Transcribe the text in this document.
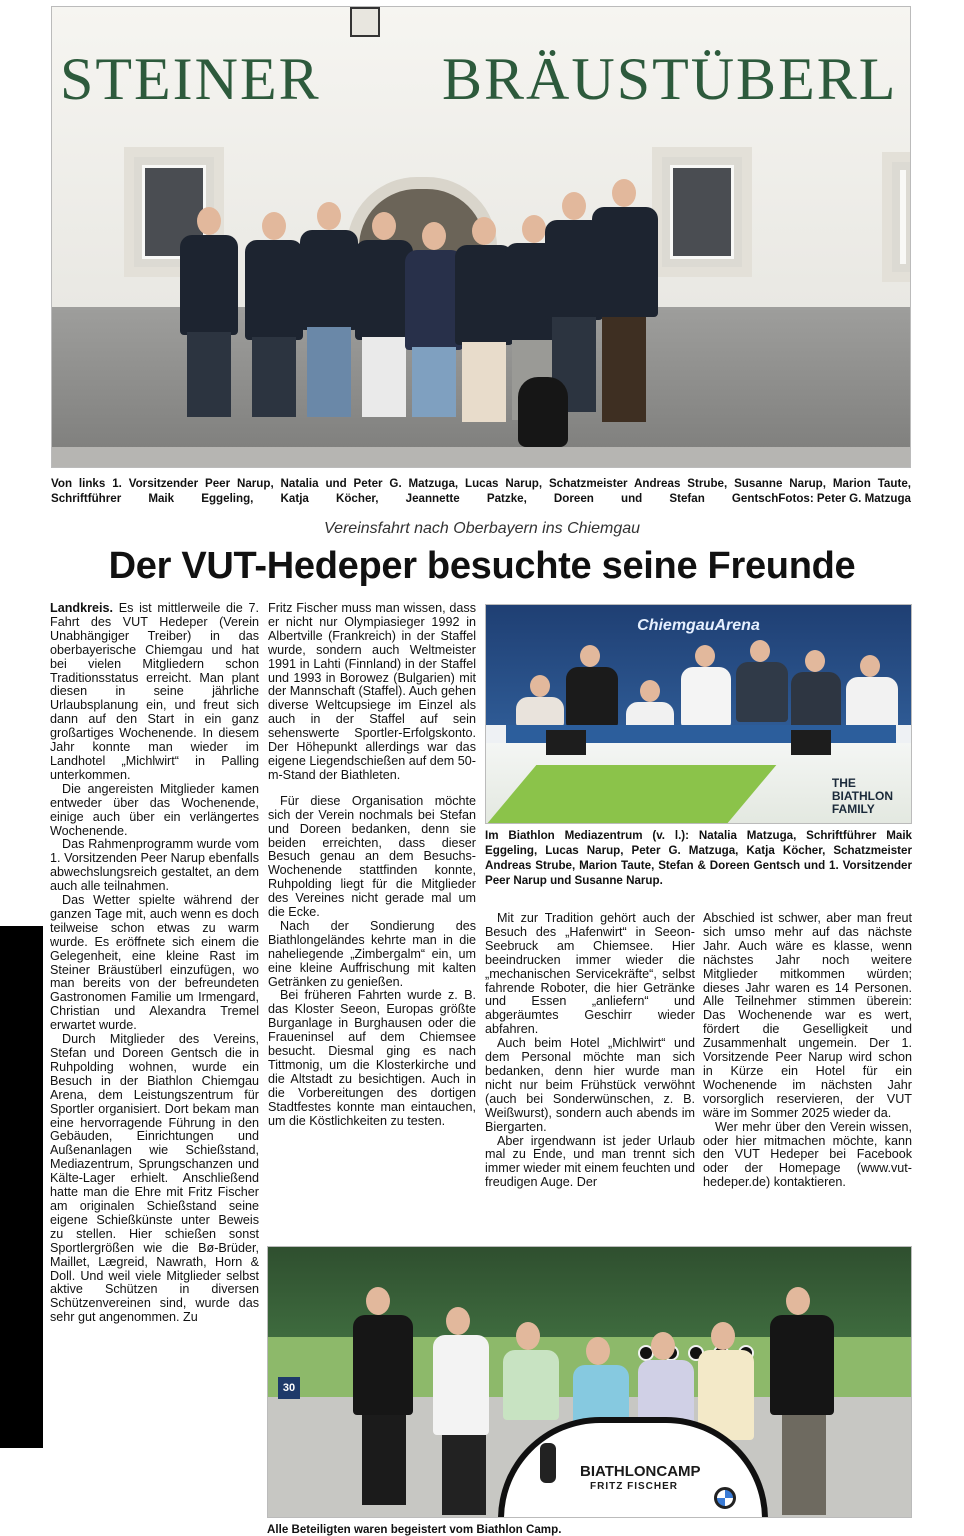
STEINER BRÄUSTÜBERL
Von links 1. Vorsitzender Peer Narup, Natalia und Peter G. Matzuga, Lucas Narup, Schatzmeister Andreas Strube, Susanne Narup, Marion Taute, Schriftführer Maik Eggeling, Katja Köcher, Jeannette Patzke, Doreen und Stefan Gentsch Fotos: Peter G. Matzuga
Vereinsfahrt nach Oberbayern ins Chiemgau
Der VUT-Hedeper besuchte seine Freunde

Landkreis. Es ist mittlerweile die 7. Fahrt des VUT Hedeper (Verein Unabhängiger Treiber) in das oberbayerische Chiemgau und hat bei vielen Mitgliedern schon Traditionsstatus erreicht. Man plant diesen in seine jährliche Urlaubsplanung ein, und freut sich dann auf den Start in ein ganz großartiges Wochenende. In diesem Jahr konnte man wieder im Landhotel „Michlwirt“ in Palling unterkommen.

Die angereisten Mitglieder kamen entweder über das Wochenende, einige auch über ein verlängertes Wochenende.

Das Rahmenprogramm wurde vom 1. Vorsitzenden Peer Narup ebenfalls abwechslungsreich gestaltet, an dem auch alle teilnahmen.

Das Wetter spielte während der ganzen Tage mit, auch wenn es doch teilweise schon etwas zu warm wurde. Es eröffnete sich einem die Gelegenheit, eine kleine Rast im Steiner Bräustüberl einzufügen, wo man bereits von der befreundeten Gastronomen Familie um Irmengard, Christian und Alexandra Tremel erwartet wurde.

Durch Mitglieder des Vereins, Stefan und Doreen Gentsch die in Ruhpolding wohnen, wurde ein Besuch in der Biathlon Chiemgau Arena, dem Leistungszentrum für Sportler organisiert. Dort bekam man eine hervorragende Führung in den Gebäuden, Einrichtungen und Außenanlagen wie Schießstand, Mediazentrum, Sprungschanzen und Kälte-Lager erhielt. Anschließend hatte man die Ehre mit Fritz Fischer am originalen Schießstand seine eigene Schießkünste unter Beweis zu stellen. Hier schießen sonst Sportlergrößen wie die Bø-Brüder, Maillet, Lægreid, Nawrath, Horn & Doll. Und weil viele Mitglieder selbst aktive Schützen in diversen Schützenvereinen sind, wurde das sehr gut angenommen. Zu

Fritz Fischer muss man wissen, dass er nicht nur Olympiasieger 1992 in Albertville (Frankreich) in der Staffel wurde, sondern auch Weltmeister 1991 in Lahti (Finnland) in der Staffel und 1993 in Borowez (Bulgarien) mit der Mannschaft (Staffel). Auch gehen diverse Weltcupsiege im Einzel als auch in der Staffel auf sein sehenswerte Sportler-Erfolgskonto. Der Höhepunkt allerdings war das eigene Liegendschießen auf dem 50-m-Stand der Biathleten.

Für diese Organisation möchte sich der Verein nochmals bei Stefan und Doreen bedanken, denn sie beiden erreichten, dass dieser Besuch genau an dem Besuchs-Wochenende stattfinden konnte, Ruhpolding liegt für die Mitglieder des Vereines nicht gerade mal um die Ecke.

Nach der Sondierung des Biathlongeländes kehrte man in die naheliegende „Zimbergalm“ ein, um eine kleine Auffrischung mit kalten Getränken zu genießen.

Bei früheren Fahrten wurde z. B. das Kloster Seeon, Europas größte Burganlage in Burghausen oder die Fraueninsel auf dem Chiemsee besucht. Diesmal ging es nach Tittmonig, um die Klosterkirche und die Altstadt zu besichtigen. Auch in die Vorbereitungen des dortigen Stadtfestes konnte man eintauchen, um die Köstlichkeiten zu testen.

ChiemgauArena
THE
BIATHLON
FAMILY
Im Biathlon Mediazentrum (v. l.): Natalia Matzuga, Schriftführer Maik Eggeling, Lucas Narup, Peter G. Matzuga, Katja Köcher, Schatzmeister Andreas Strube, Marion Taute, Stefan & Doreen Gentsch und 1. Vorsitzender Peer Narup und Susanne Narup.

Mit zur Tradition gehört auch der Besuch des „Hafenwirt“ in Seeon-Seebruck am Chiemsee. Hier beeindrucken immer wieder die „mechanischen Servicekräfte“, selbst fahrende Roboter, die hier Getränke und Essen „anliefern“ und abgeräumtes Geschirr wieder abfahren.

Auch beim Hotel „Michlwirt“ und dem Personal möchte man sich bedanken, denn hier wurde man nicht nur beim Frühstück verwöhnt (auch bei Sonderwünschen, z. B. Weißwurst), sondern auch abends im Biergarten.

Aber irgendwann ist jeder Urlaub mal zu Ende, und man trennt sich immer wieder mit einem feuchten und freudigen Auge. Der

Abschied ist schwer, aber man freut sich umso mehr auf das nächste Jahr. Auch wäre es klasse, wenn nächstes Jahr noch weitere Mitglieder mitkommen würden; dieses Jahr waren es 14 Personen. Alle Teilnehmer stimmen überein: Das Wochenende war es wert, fördert die Geselligkeit und Zusammenhalt ungemein. Der 1. Vorsitzende Peer Narup wird schon in Kürze ein Hotel für ein Wochenende im nächsten Jahr vorsorglich reservieren, der VUT wäre im Sommer 2025 wieder da.

Wer mehr über den Verein wissen, oder hier mitmachen möchte, kann den VUT Hedeper bei Facebook oder der Homepage (www.vut-hedeper.de) kontaktieren.

30
BIATHLONCAMP
FRITZ FISCHER
Alle Beteiligten waren begeistert vom Biathlon Camp.
